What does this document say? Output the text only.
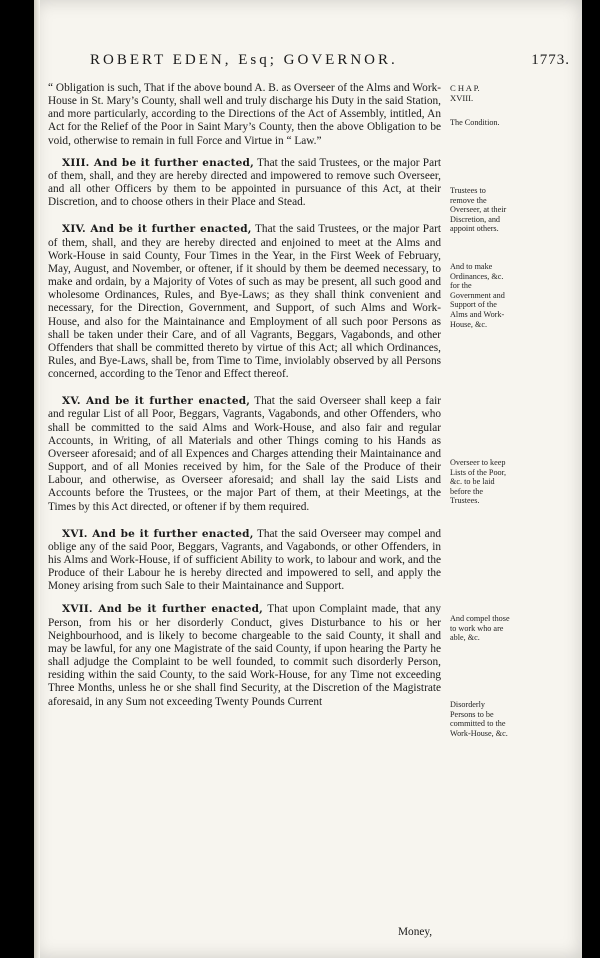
ROBERT EDEN, Esq; GOVERNOR.	1773.
C H A P.
XVIII.

“ Obligation is such, That if the above bound A. B. as Overseer of the Alms and Work-House in St. Mary’s County, shall well and truly discharge his Duty in the said Station, and more particularly, according to the Directions of the Act of Assembly, intitled, An Act for the Relief of the Poor in Saint Mary’s County, then the above Obligation to be void, otherwise to remain in full Force and Virtue in “ Law.”

XIII. And be it further enacted, That the said Trustees, or the major Part of them, shall, and they are hereby directed and impowered to remove such Overseer, and all other Officers by them to be appointed in pursuance of this Act, at their Discretion, and to choose others in their Place and Stead.

XIV. And be it further enacted, That the said Trustees, or the major Part of them, shall, and they are hereby directed and enjoined to meet at the Alms and Work-House in said County, Four Times in the Year, in the First Week of February, May, August, and November, or oftener, if it should by them be deemed necessary, to make and ordain, by a Majority of Votes of such as may be present, all such good and wholesome Ordinances, Rules, and Bye-Laws; as they shall think convenient and necessary, for the Direction, Government, and Support, of such Alms and Work-House, and also for the Maintainance and Employment of all such poor Persons as shall be taken under their Care, and of all Vagrants, Beggars, Vagabonds, and other Offenders that shall be committed thereto by virtue of this Act; all which Ordinances, Rules, and Bye-Laws, shall be, from Time to Time, inviolably observed by all Persons concerned, according to the Tenor and Effect thereof.

XV. And be it further enacted, That the said Overseer shall keep a fair and regular List of all Poor, Beggars, Vagrants, Vagabonds, and other Offenders, who shall be committed to the said Alms and Work-House, and also fair and regular Accounts, in Writing, of all Materials and other Things coming to his Hands as Overseer aforesaid; and of all Expences and Charges attending their Maintainance and Support, and of all Monies received by him, for the Sale of the Produce of their Labour, and otherwise, as Overseer aforesaid; and shall lay the said Lists and Accounts before the Trustees, or the major Part of them, at their Meetings, at the Times by this Act directed, or oftener if by them required.

XVI. And be it further enacted, That the said Overseer may compel and oblige any of the said Poor, Beggars, Vagrants, and Vagabonds, or other Offenders, in his Alms and Work-House, if of sufficient Ability to work, to labour and work, and the Produce of their Labour he is hereby directed and impowered to sell, and apply the Money arising from such Sale to their Maintainance and Support.

XVII. And be it further enacted, That upon Complaint made, that any Person, from his or her disorderly Conduct, gives Disturbance to his or her Neighbourhood, and is likely to become chargeable to the said County, it shall and may be lawful, for any one Magistrate of the said County, if upon hearing the Party he shall adjudge the Complaint to be well founded, to commit such disorderly Person, residing within the said County, to the said Work-House, for any Time not exceeding Three Months, unless he or she shall find Security, at the Discretion of the Magistrate aforesaid, in any Sum not exceeding Twenty Pounds Current

Money,
The Condition.
Trustees to remove the Overseer, at their Discretion, and appoint others.
And to make Ordinances, &c. for the Government and Support of the Alms and Work-House, &c.
Overseer to keep Lists of the Poor, &c. to be laid before the Trustees.
And compel those to work who are able, &c.
Disorderly Persons to be committed to the Work-House, &c.
